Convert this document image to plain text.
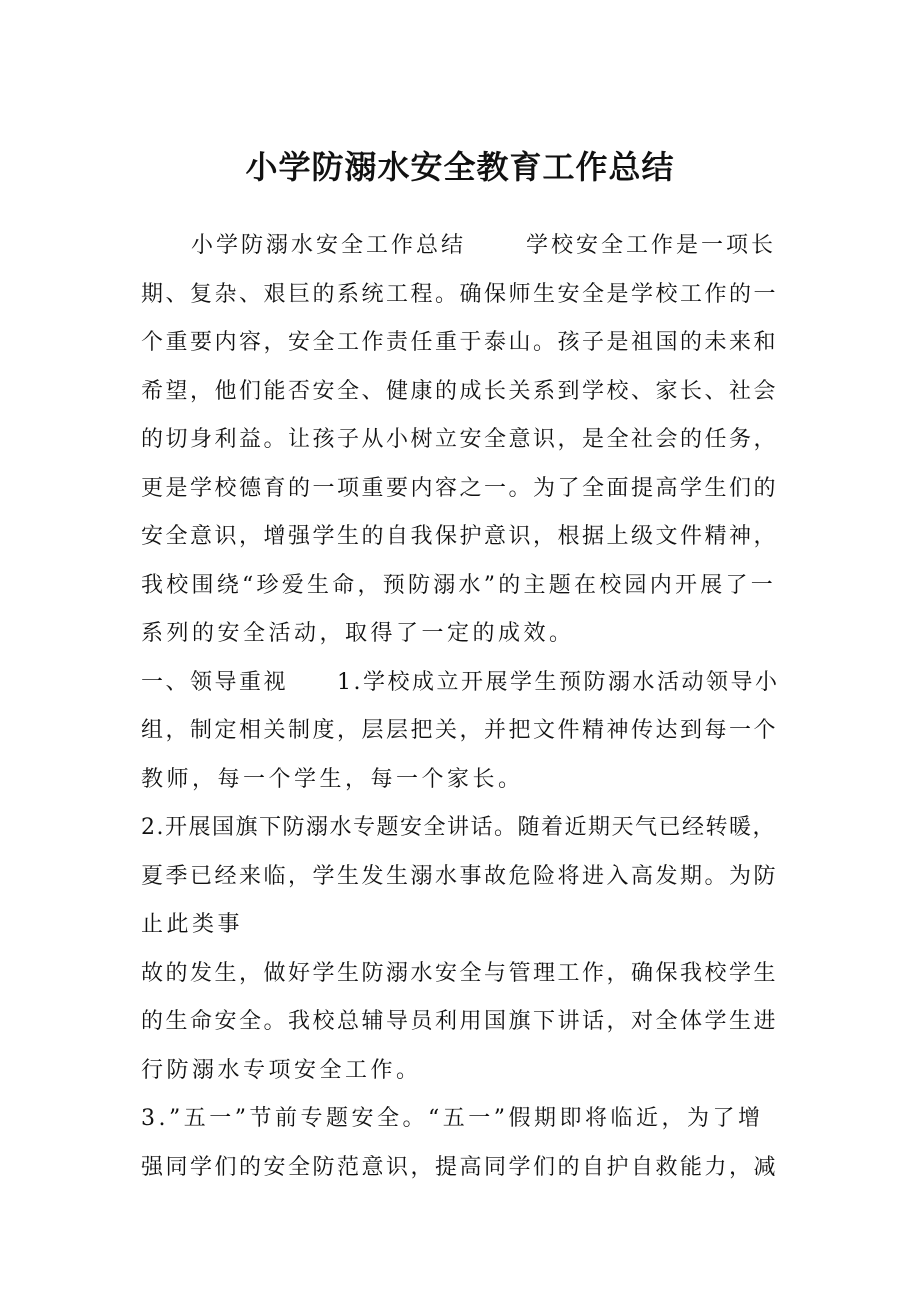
小学防溺水安全教育工作总结
　　小学防溺水安全工作总结　　 学校安全工作是一项长
期、复杂、艰巨的系统工程。确保师生安全是学校工作的一
个重要内容，安全工作责任重于泰山。孩子是祖国的未来和
希望，他们能否安全、健康的成长关系到学校、家长、社会
的切身利益。让孩子从小树立安全意识，是全社会的任务，
更是学校德育的一项重要内容之一。为了全面提高学生们的
安全意识，增强学生的自我保护意识，根据上级文件精神，
我校围绕“珍爱生命，预防溺水”的主题在校园内开展了一
系列的安全活动，取得了一定的成效。
一、领导重视　　1.学校成立开展学生预防溺水活动领导小
组，制定相关制度，层层把关，并把文件精神传达到每一个
教师，每一个学生，每一个家长。
2.开展国旗下防溺水专题安全讲话。随着近期天气已经转暖，
夏季已经来临，学生发生溺水事故危险将进入高发期。为防
止此类事
故的发生，做好学生防溺水安全与管理工作，确保我校学生
的生命安全。我校总辅导员利用国旗下讲话，对全体学生进
行防溺水专项安全工作。
3.”五一”节前专题安全。“五一”假期即将临近，为了增
强同学们的安全防范意识，提高同学们的自护自救能力，减
